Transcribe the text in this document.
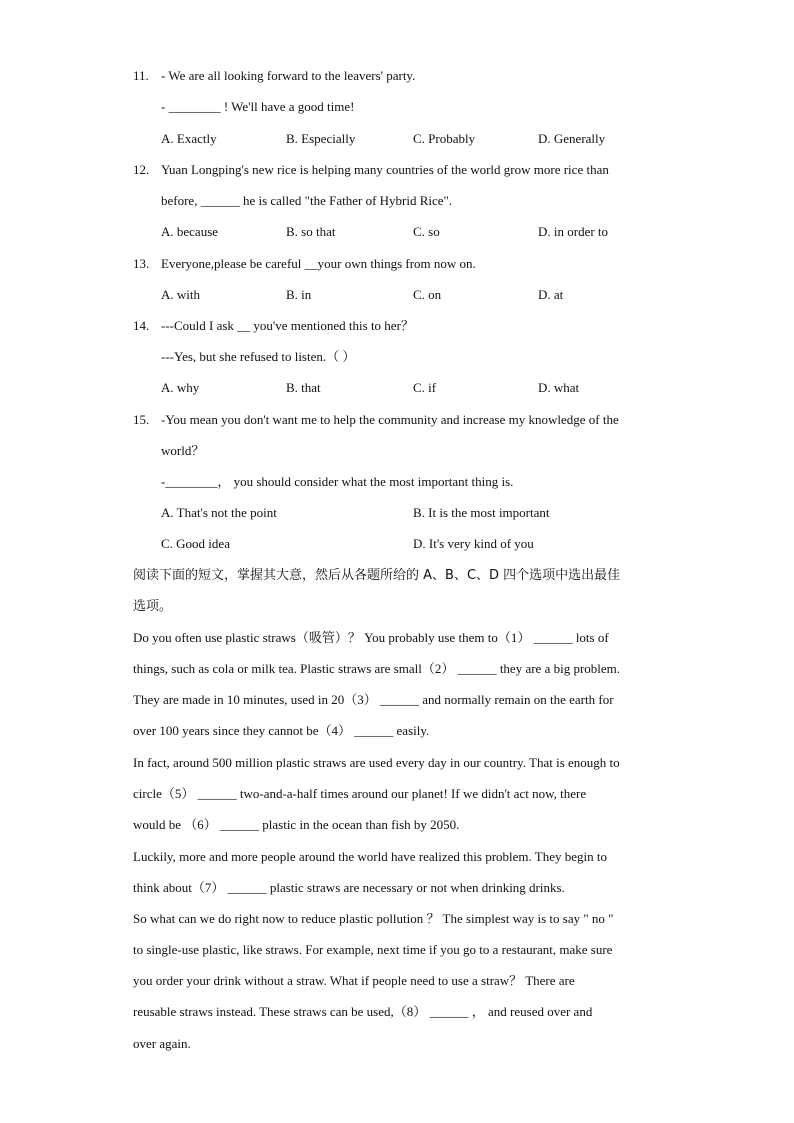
11. - We are all looking forward to the leavers' party.
- ________ ! We'll have a good time!
A. Exactly	B. Especially	C. Probably	D. Generally
12. Yuan Longping's new rice is helping many countries of the world grow more rice than
before, ______ he is called "the Father of Hybrid Rice".
A. because	B. so that	C. so	D. in order to
13. Everyone,please be careful __your own things from now on.
A. with	B. in	C. on	D. at
14. ---Could I ask __ you've mentioned this to her？
---Yes, but she refused to listen.（ ）
A. why	B. that	C. if	D. what
15. -You mean you don't want me to help the community and increase my knowledge of the
world？
-________， you should consider what the most important thing is.
A. That's not the point	B. It is the most important
C. Good idea	D. It's very kind of you
阅读下面的短文，掌握其大意，然后从各题所给的 A、B、C、D 四个选项中选出最佳
选项。
Do you often use plastic straws（吸管）？ You probably use them to（1） ______ lots of
things, such as cola or milk tea. Plastic straws are small（2） ______ they are a big problem.
They are made in 10 minutes, used in 20（3） ______ and normally remain on the earth for
over 100 years since they cannot be（4） ______ easily.
In fact, around 500 million plastic straws are used every day in our country. That is enough to
circle（5） ______ two-and-a-half times around our planet! If we didn't act now, there
would be （6） ______ plastic in the ocean than fish by 2050.
Luckily, more and more people around the world have realized this problem. They begin to
think about（7） ______ plastic straws are necessary or not when drinking drinks.
So what can we do right now to reduce plastic pollution ？ The simplest way is to say " no "
to single-use plastic, like straws. For example, next time if you go to a restaurant, make sure
you order your drink without a straw. What if people need to use a straw？ There are
reusable straws instead. These straws can be used,（8） ______ ， and reused over and
over again.
